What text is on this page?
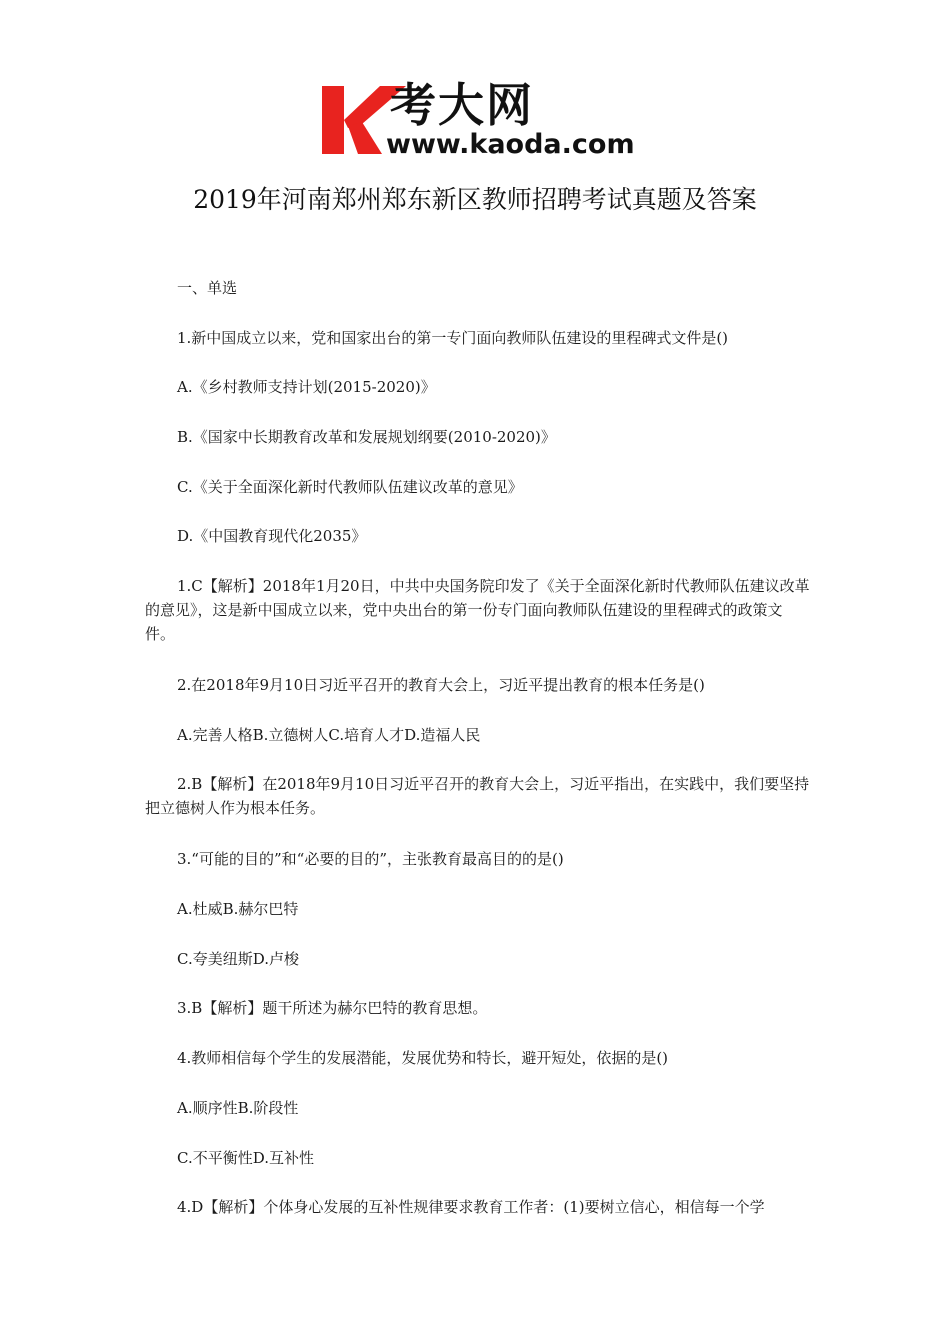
考大网
www.kaoda.com
2019年河南郑州郑东新区教师招聘考试真题及答案
一、单选
1.新中国成立以来，党和国家出台的第一专门面向教师队伍建设的里程碑式文件是()
A.《乡村教师支持计划(2015-2020)》
B.《国家中长期教育改革和发展规划纲要(2010-2020)》
C.《关于全面深化新时代教师队伍建议改革的意见》
D.《中国教育现代化2035》
1.C【解析】2018年1月20日，中共中央国务院印发了《关于全面深化新时代教师队伍建议改革的意见》，这是新中国成立以来，党中央出台的第一份专门面向教师队伍建设的里程碑式的政策文件。
2.在2018年9月10日习近平召开的教育大会上，习近平提出教育的根本任务是()
A.完善人格B.立德树人C.培育人才D.造福人民
2.B【解析】在2018年9月10日习近平召开的教育大会上，习近平指出，在实践中，我们要坚持把立德树人作为根本任务。
3.“可能的目的”和“必要的目的”，主张教育最高目的的是()
A.杜威B.赫尔巴特
C.夸美纽斯D.卢梭
3.B【解析】题干所述为赫尔巴特的教育思想。
4.教师相信每个学生的发展潜能，发展优势和特长，避开短处，依据的是()
A.顺序性B.阶段性
C.不平衡性D.互补性
4.D【解析】个体身心发展的互补性规律要求教育工作者：(1)要树立信心，相信每一个学
